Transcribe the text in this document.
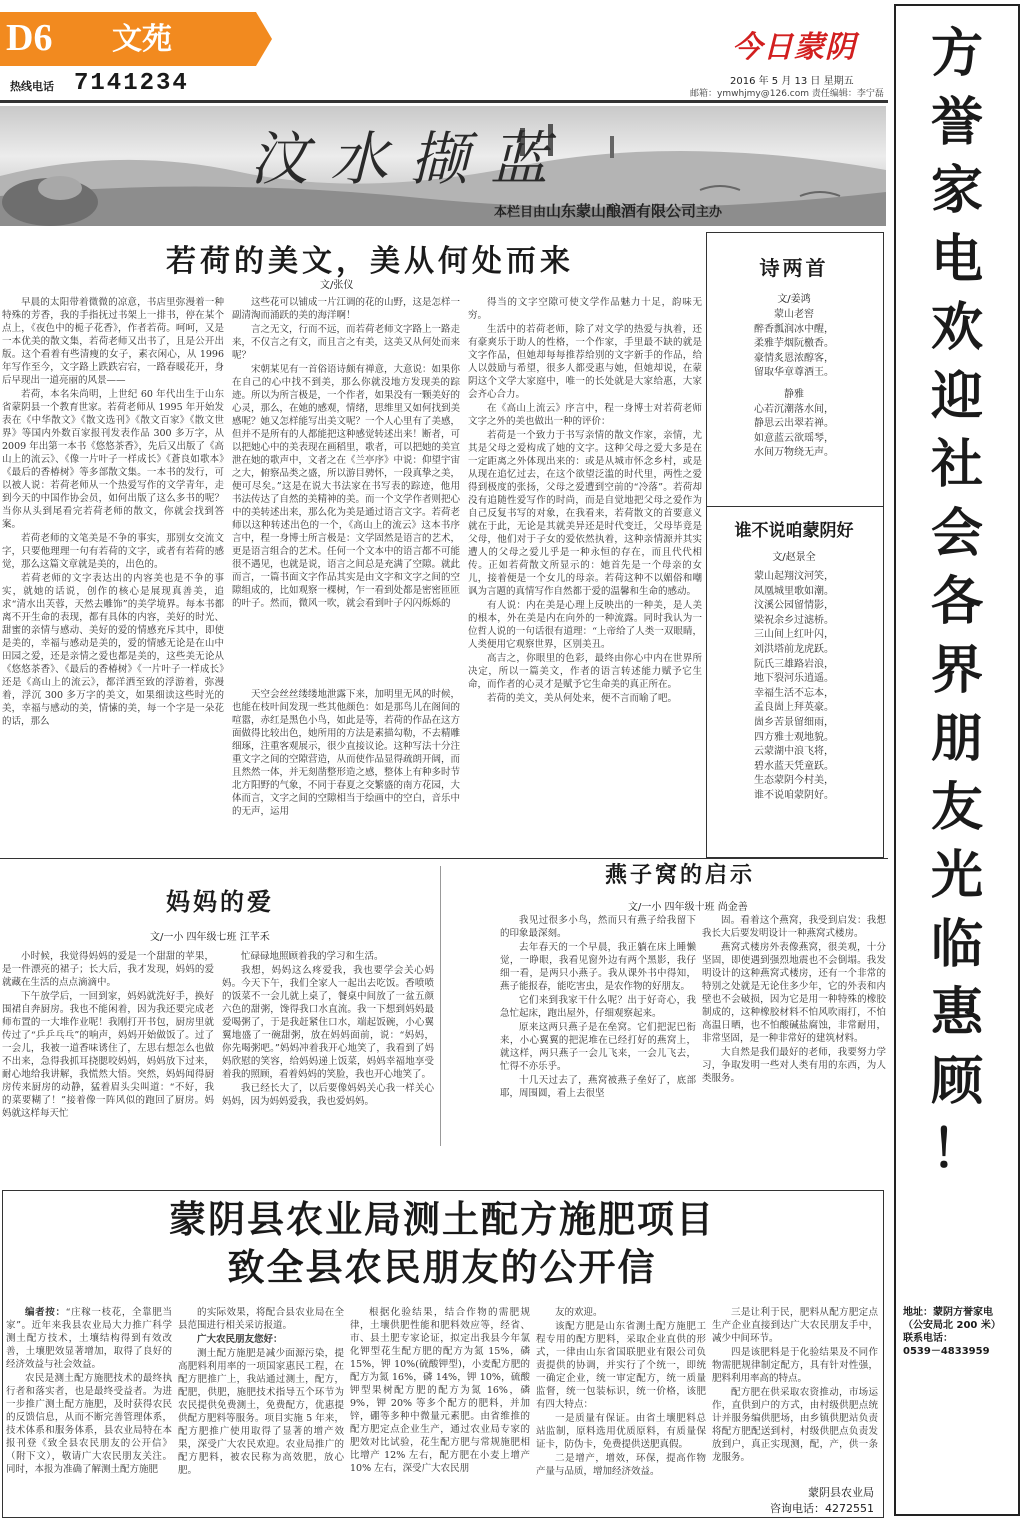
D6 文苑
热线电话 7141234
今日蒙阴
2016 年 5 月 13 日 星期五
邮箱：ymwhjmy@126.com 责任编辑：李宁磊
汶水撷蓝
本栏目由山东蒙山酿酒有限公司主办
若荷的美文，美从何处而来
文/张仪

早晨的太阳带着微微的凉意，书店里弥漫着一种特殊的芳香，我的手指抚过书架上一排书，停在某个点上，《夜色中的栀子花香》，作者若荷。呵呵，又是一本优美的散文集，若荷老师又出书了，且是公开出版。这个看着有些清瘦的女子，素衣闲心，从 1996 年写作至今，文字路上跌跌宕宕，一路春暖花开，身后早现出一道亮丽的风景——

若荷，本名朱尚明，上世纪 60 年代出生于山东省蒙阴县一个教育世家。若荷老师从 1995 年开始发表在《中华散文》《散文选刊》《散文百家》《散文世界》等国内外数百家报刊发表作品 300 多万字，从 2009 年出第一本书《悠悠茶香》，先后又出版了《高山上的流云》、《像一片叶子一样成长》《蒼良如歌本》《最后的香椿树》等多部散文集。一本书的发行，可以被人说：若荷老师从一个热爱写作的文学青年，走到今天的中国作协会员，如何出版了这么多书的呢？当你从头到尾看完若荷老师的散文，你就会找到答案。

若荷老师的文笔美是不争的事实，那别女交流文字，只要他理理一句有若荷的文字，或者有若荷的感觉，那么这篇文章就是美的，出色的。

若荷老师的文字表达出的内容美也是不争的事实，就她的话说，创作的核心是展现真善美，追求“清水出芙蓉，天然去雕饰”的美学境界。每本书都离不开生命的表现，都有具体的内容，美好的时光、甜蜜的亲情与感动、美好的爱的情感充斥其中，即使是美的，幸福与感动是美的，爱的情感无论是在山中田园之爱，还是亲情之爱也都是美的，这些美无论从《悠悠茶香》、《最后的香椿树》《一片叶子一样成长》还是《高山上的流云》，都洋洒至致的浮游着，弥漫着，浮沉 300 多万字的美文，如果细读这些时光的美，幸福与感动的美，情愫的美，每一个字是一朵花的话，那么

这些花可以铺成一片江调的花的山野，这是怎样一副清淘而涌跃的美的海洋啊！

言之无文，行而不远，而若荷老师文字路上一路走来，不仅言之有文，而且言之有美，这美又从何处而来呢？

宋朝某见有一首俗语诗颇有禅意，大意说：如果你在自己的心中找不到美，那么你就没地方发现美的踪迹。所以为所言极是，一个作者，如果没有一颗美好的心灵，那么，在她的感观，情绪，思维里又如何找到美感呢？她又怎样能写出美文呢？一个人心里有了美感，但并不是所有的人都能把这种感觉转述出来！断者，可以把她心中的美表现在画稻里，歌者，可以把她的美宣泄在她的歌声中，文者之在《兰亭序》中说：仰望宇宙之大，俯察品类之盛，所以游目骋怀，一段真挚之美，便可尽矣。”这是在说大书法家在书写表的踪迹，他用书法传达了自然的美精神的美。而一个文学作者则把心中的美转述出来，那么化为美是通过语言文字。若荷老师以这种转述出色的一个，《高山上的流云》这本书序言中，程一身博士所言极是：文学固然是语言的艺术，更是语言组合的艺术。任何一个文本中的语言都不可能很不遇见，也就是说，语言之间总是充满了空隙。就此而言，一篇书面文字作品其实是由文字和文字之间的空隙组成的，比如观察一棵树，乍一看到处都是密密匝匝的叶子。然而，微风一吹，就会看到叶子闪闪烁烁的

天空会丝丝缕缕地泄露下来，加明里无风的时候，也能在枝叶间发现一些其他颜色：如是那鸟儿在阁间的喧嚣，赤红是黑色小鸟，如此是等，若荷的作品在这方面做得比较出色，她所用的方法是素描勾勒，不去精雕细琢，注重客观展示，很少直接议论。这种写法十分注重文字之间的空隙营造，从而使作品显得疏朗开阔，而且然然一体，并无刻凿整形造之感，整体上有种多时节北方阳野的气象，不同于春夏之交繁盛的南方花园，大体而言，文字之间的空隙相当于绘画中的空白，音乐中的无声，运用

得当的文字空隙可使文学作品魅力十足，韵味无穷。

生活中的若荷老师，除了对文学的热爱与执着，还有豪爽乐于助人的性格，一个作家，手里最不缺的就是文字作品，但她却每每推荐给别的文字新手的作品，给人以鼓励与希望，很多人都受惠与她，但她却说，在蒙阴这个文学大家庭中，唯一的长处就是大家给惠，大家会齐心合力。

在《高山上流云》序言中，程一身博士对若荷老师文字之外的美也做出一种的评价：

若荷是一个致力于书写亲情的散文作家，亲情，尤其是父母之爱构成了她的文字。这种父母之爱大多是在一定距离之外体现出来的：或是从城市怀念乡村，或是从现在追忆过去，在这个欲望泛滥的时代里，两性之爱得到极度的张扬，父母之爱遭到空前的“冷落”。若荷却没有追随性爱写作的时尚，而是自觉地把父母之爱作为自己反复书写的对象，在我看来，若荷散文的首要意义就在于此，无论是其就美异还是时代变迁，父母毕竟是父母，他们对于子女的爱依然执着，这种亲情源并其实遭人的父母之爱儿乎是一种永恒的存在，而且代代相传。正如若荷散文所显示的：她首先是一个母亲的女儿，接着便是一个女儿的母亲。若荷这种不以媚俗和嘲讽为言题的真情写作自然都于爱的温馨和生命的感动。

有人说：内在美是心理上反映出的一种美，是人美的根本，外在美是内在向外的一种流露。同时我认为一位哲人说的一句话很有道理：“上帝给了人类一双眼睛，人类便用它观察世界，区别美丑。

高吉之，你眼里的色彩，最终由你心中内在世界所决定，所以一篇美文，作者的语言转述能力赋予它生命，而作者的心灵才是赋予它生命美的真正所在。

若荷的美文，美从何处来，便不言而喻了吧。

诗两首
文/姜鸿
蒙山老窖
醉香瓢润冰中醒，
柔雅芋烟阮檄香。
豪情炙恩浓醇客，
留取华章尊酒王。
静雅
心若沉潮落水间，
静思云出翠若禅。
如意蓝云欲瑶琴，
水间万物绕无声。
谁不说咱蒙阴好
文/赵景全
蒙山起翔汶河笑，
凤凰城里歌如潮。
汶溪公园留情影，
梁祝余乡过滤桥。
三山间上红叶闪，
刘洪塔前龙虎跃。
阮氏三雄路岩浪，
地下裂河乐逍遥。
幸福生活不忘本，
孟良崮上拜英豪。
崮乡苦景留细雨，
四方雅士观地貌。
云蒙湖中浪飞将，
碧水蓝天凭童跃。
生态蒙阴今村美，
谁不说咱蒙阴好。
妈妈的爱
文/一小 四年级七班 江芊禾

小时候，我觉得妈妈的爱是一个甜甜的苹果，是一件漂亮的裙子；长大后，我才发现，妈妈的爱就藏在生活的点点滴滴中。

下午放学后，一回到家，妈妈就洗好手，换好围裙自奔厨房。我也不能闲着，因为我还要完成老师布置的一大堆作业呢！我刚打开书包，厨房里就传过了“乒乒乓乓”的响声，妈妈开始做饭了。过了一会儿，我被一道香味诱住了，左思右想怎么也做不出来，急得我抓耳挠腮咬妈妈，妈妈放下过来，耐心地给我讲解，我慌然大悟。突然，妈妈闻得厨房传来厨房的动静，猛着眉头尖叫道：“不好，我的菜要糊了！”接着像一阵风似的跑回了厨房。妈妈就这样每天忙

忙碌碌地照顾着我的学习和生活。

我想，妈妈这么疼爱我，我也要学会关心妈妈。今天下午，我们全家人一起出去吃饭。香喷喷的饭菜不一会儿就上桌了，餐桌中间放了一盆五颜六色的甜粥，馋得我口水直流。我一下想到妈妈最爱喝粥了，于是我赶紧住口水，端起饭碗，小心翼翼地盛了一碗甜粥，放在妈妈面前，说：“妈妈，你先喝粥吧。”妈妈冲着我开心地笑了，我看到了妈妈欣慰的笑容，给妈妈递上饭菜，妈妈幸福地享受着我的照顾，看着妈妈的笑脸，我也开心地笑了。

我已经长大了，以后要像妈妈关心我一样关心妈妈，因为妈妈爱我，我也爱妈妈。

燕子窝的启示
文/一小 四年级十班 尚金善

我见过很多小鸟，然而只有燕子给我留下的印象最深刻。

去年春天的一个早晨，我正躺在床上睡懒觉，一睁眼，我看见窗外边有两个黑影，我仔细一看，是两只小燕子。我从课外书中得知，燕子能报春，能吃害虫，是农作物的好朋友。

它们来到我家干什么呢？出于好奇心，我急忙起床，跑出屋外，仔细观察起来。

原来这两只燕子是在垒窝。它们把泥巴衔来，小心翼翼的把泥堆在已经打好的燕窝上，就这样，两只燕子一会儿飞来，一会儿飞去，忙得不亦乐乎。

十几天过去了，燕窝被燕子垒好了，底部耶，周围圆，看上去很坚

固。看着这个燕窝，我受到启发：我想我长大后要发明设计一种燕窝式楼房。

燕窝式楼房外表像燕窝，很美观，十分坚固，即使遇到强烈地震也不会倒塌。我发明设计的这种燕窝式楼房，还有一个非常的特别之处就是无论住多少年，它的外表和内壁也不会破损，因为它是用一种特殊的橡胶制成的，这种橡胶材料不怕风吹雨打，不怕高温日晒，也不怕酸碱盐腐蚀，非常耐用，非常坚固，是一种非常好的建筑材料。

大自然是我们最好的老师，我要努力学习，争取发明一些对人类有用的东西，为人类服务。

蒙阴县农业局测土配方施肥项目
致全县农民朋友的公开信

编者按：“庄稼一枝花，全靠肥当家”。近年来我县农业局大力推广科学测土配方技术，土壤结构得到有效改善，土壤肥效显著增加，取得了良好的经济效益与社会效益。

农民是测土配方施肥技术的最终执行者和落实者，也是最终受益者。为进一步推广测土配方施肥，及时获得农民的反馈信息，从而不断完善管理体系，技术体系和服务体系，县农业局特在本报刊登《致全县农民朋友的公开信》（附下文），敬请广大农民朋友关注。同时，本报为准确了解测土配方施肥

的实际效果，将配合县农业局在全县范围进行相关采访报道。

广大农民朋友您好：

测土配方施肥是减少面源污染，提高肥料利用率的一项国家惠民工程，在配方肥推广上，我站通过测土，配方，配肥，供肥，施肥技术指导五个环节为农民提供免费测土，免费配方，优惠提供配方肥料等服务。项目实施 5 年来，配方肥推广使用取得了显著的增产效果，深受广大农民欢迎。农业局推广的配方肥料，被农民称为高效肥，放心肥。

根据化验结果，结合作物的需肥规律，土壤供肥性能和肥料效应等，经省、市、县土肥专家论证，拟定出我县今年氯化钾型花生配方肥的配方为氮 15%，磷 15%，钾 10%(硫酸钾型)，小麦配方肥的配方为氮 16%，磷 14%，钾 10%，硫酸钾型果树配方肥的配方为氮 16%，磷 9%，钾 20% 等多个配方的肥料，并加锌，硼等多种中微量元素肥。由省维推的配方肥定点企业生产，通过农业局专家的肥效对比试验，花生配方肥与常规施肥相比增产 12% 左右，配方肥在小麦上增产 10% 左右，深受广大农民朋

友的欢迎。

该配方肥是山东省测土配方施肥工程专用的配方肥料，采取企业直供的形式，一律由山东省国联肥业有限公司负责提供的协调，并实行了个统一，即统一确定企业，统一审定配方，统一质量监督，统一包装标识，统一价格，该肥有四大特点：

一是质量有保证。由省土壤肥料总站监制，原料选用优质原料，有质量保证卡，防伪卡，免费提供送肥真假。

二是增产，增效，环保，提高作物产量与品质，增加经济效益。

三是让利于民，肥料从配方肥定点生产企业直接到达广大农民朋友手中，减少中间环节。

四是该肥料是于化验结果及不同作物需肥规律制定配方，具有针对性强，肥料利用率高的特点。

配方肥在供采取农资推动，市场运作，直供到户的方式，由村级供肥点统计并服务编供肥场，由乡镇供肥站负责将配方肥配送到村，村级供肥点负责发放到户，真正实现测，配，产，供一条龙服务。

蒙阴县农业局
咨询电话：4272551
方
誉
家
电
欢
迎
社
会
各
界
朋
友
光
临
惠
顾
！
地址：蒙阴方誉家电
（公安局北 200 米）
联系电话：
0539－4833959
